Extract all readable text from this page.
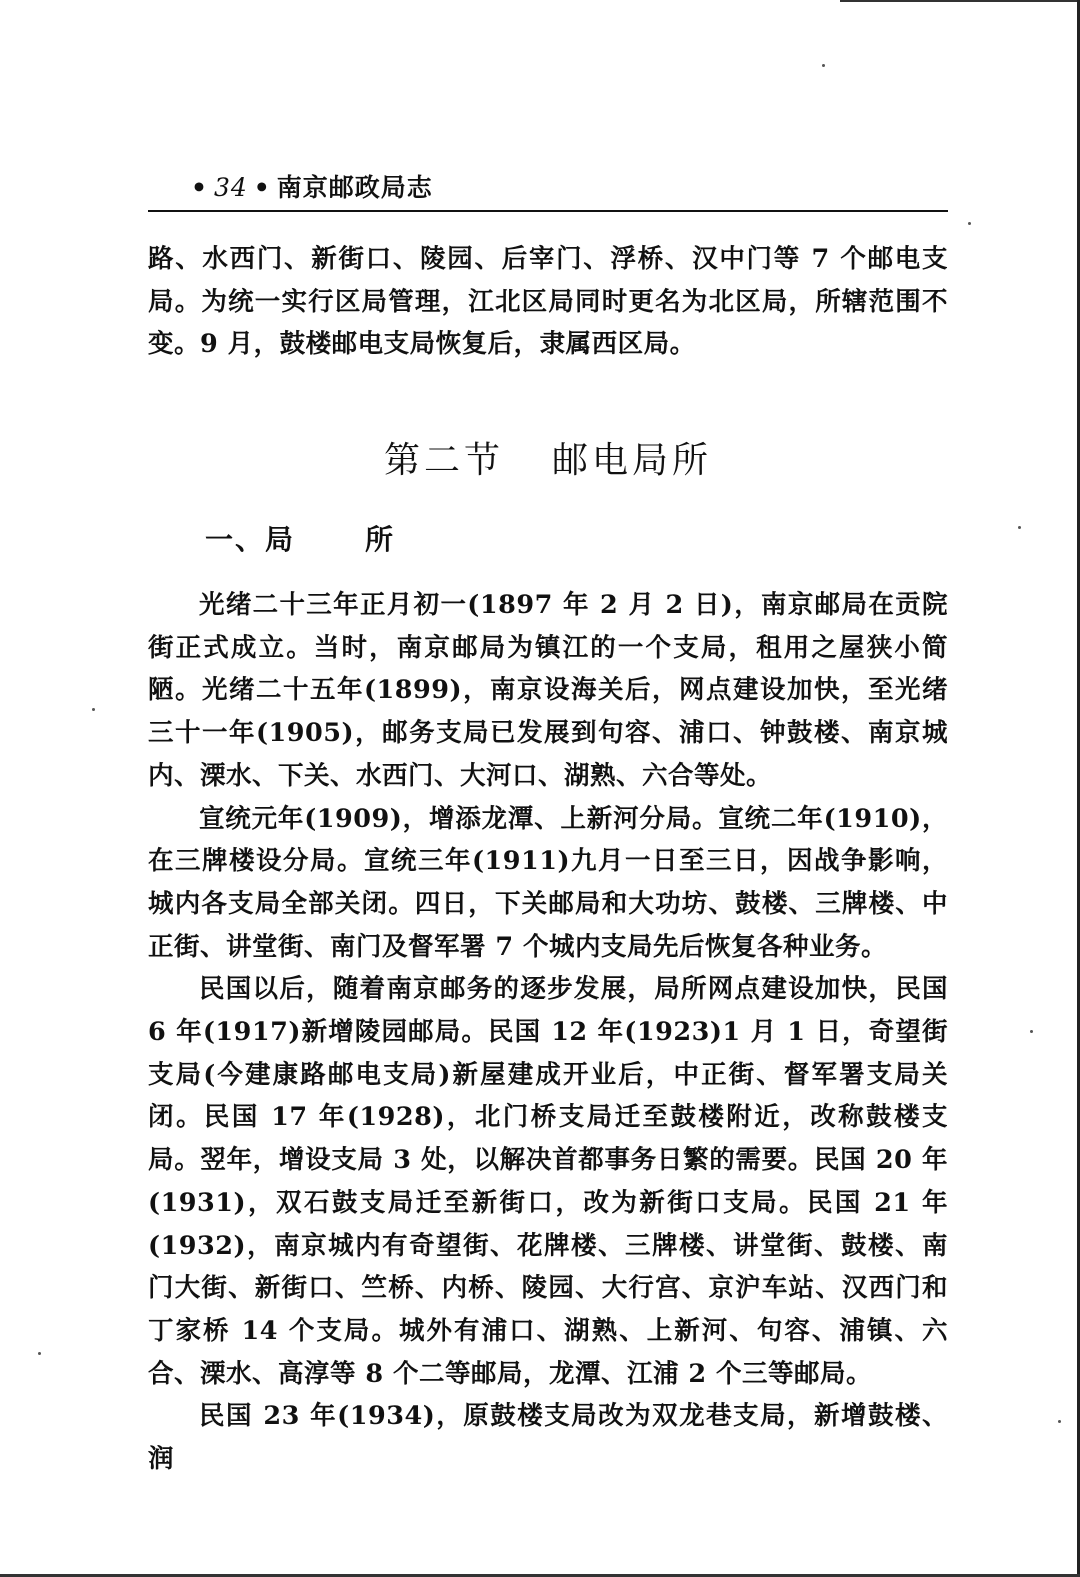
• 34 • 南京邮政局志

路、水西门、新街口、陵园、后宰门、浮桥、汉中门等 7 个邮电支局。为统一实行区局管理，江北区局同时更名为北区局，所辖范围不变。9 月，鼓楼邮电支局恢复后，隶属西区局。

第二节 邮电局所
一、局	所

光绪二十三年正月初一(1897 年 2 月 2 日)，南京邮局在贡院街正式成立。当时，南京邮局为镇江的一个支局，租用之屋狭小简陋。光绪二十五年(1899)，南京设海关后，网点建设加快，至光绪三十一年(1905)，邮务支局已发展到句容、浦口、钟鼓楼、南京城内、溧水、下关、水西门、大河口、湖熟、六合等处。

宣统元年(1909)，增添龙潭、上新河分局。宣统二年(1910)，在三牌楼设分局。宣统三年(1911)九月一日至三日，因战争影响，城内各支局全部关闭。四日，下关邮局和大功坊、鼓楼、三牌楼、中正街、讲堂街、南门及督军署 7 个城内支局先后恢复各种业务。

民国以后，随着南京邮务的逐步发展，局所网点建设加快，民国 6 年(1917)新增陵园邮局。民国 12 年(1923)1 月 1 日，奇望街支局(今建康路邮电支局)新屋建成开业后，中正街、督军署支局关闭。民国 17 年(1928)，北门桥支局迁至鼓楼附近，改称鼓楼支局。翌年，增设支局 3 处，以解决首都事务日繁的需要。民国 20 年(1931)，双石鼓支局迁至新街口，改为新街口支局。民国 21 年(1932)，南京城内有奇望街、花牌楼、三牌楼、讲堂街、鼓楼、南门大街、新街口、竺桥、内桥、陵园、大行宫、京沪车站、汉西门和丁家桥 14 个支局。城外有浦口、湖熟、上新河、句容、浦镇、六合、溧水、高淳等 8 个二等邮局，龙潭、江浦 2 个三等邮局。

民国 23 年(1934)，原鼓楼支局改为双龙巷支局，新增鼓楼、润
